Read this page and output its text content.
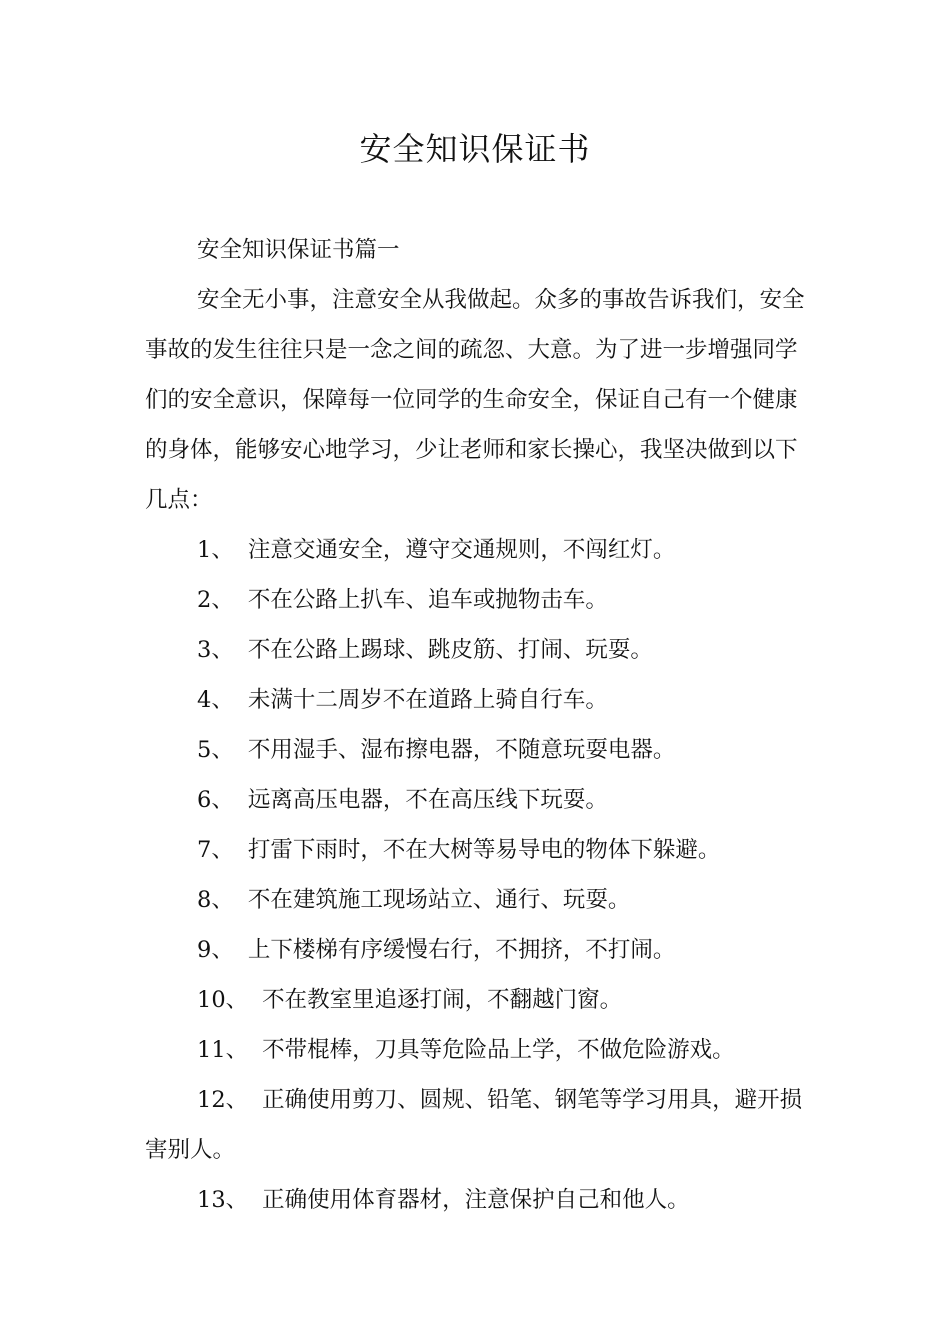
安全知识保证书

安全知识保证书篇一

安全无小事，注意安全从我做起。众多的事故告诉我们，安全事故的发生往往只是一念之间的疏忽、大意。为了进一步增强同学们的安全意识，保障每一位同学的生命安全，保证自己有一个健康的身体，能够安心地学习，少让老师和家长操心，我坚决做到以下几点：

1、 注意交通安全，遵守交通规则，不闯红灯。

2、 不在公路上扒车、追车或抛物击车。

3、 不在公路上踢球、跳皮筋、打闹、玩耍。

4、 未满十二周岁不在道路上骑自行车。

5、 不用湿手、湿布擦电器，不随意玩耍电器。

6、 远离高压电器，不在高压线下玩耍。

7、 打雷下雨时，不在大树等易导电的物体下躲避。

8、 不在建筑施工现场站立、通行、玩耍。

9、 上下楼梯有序缓慢右行，不拥挤，不打闹。

10、 不在教室里追逐打闹，不翻越门窗。

11、 不带棍棒，刀具等危险品上学，不做危险游戏。

12、 正确使用剪刀、圆规、铅笔、钢笔等学习用具，避开损害别人。

13、 正确使用体育器材，注意保护自己和他人。
